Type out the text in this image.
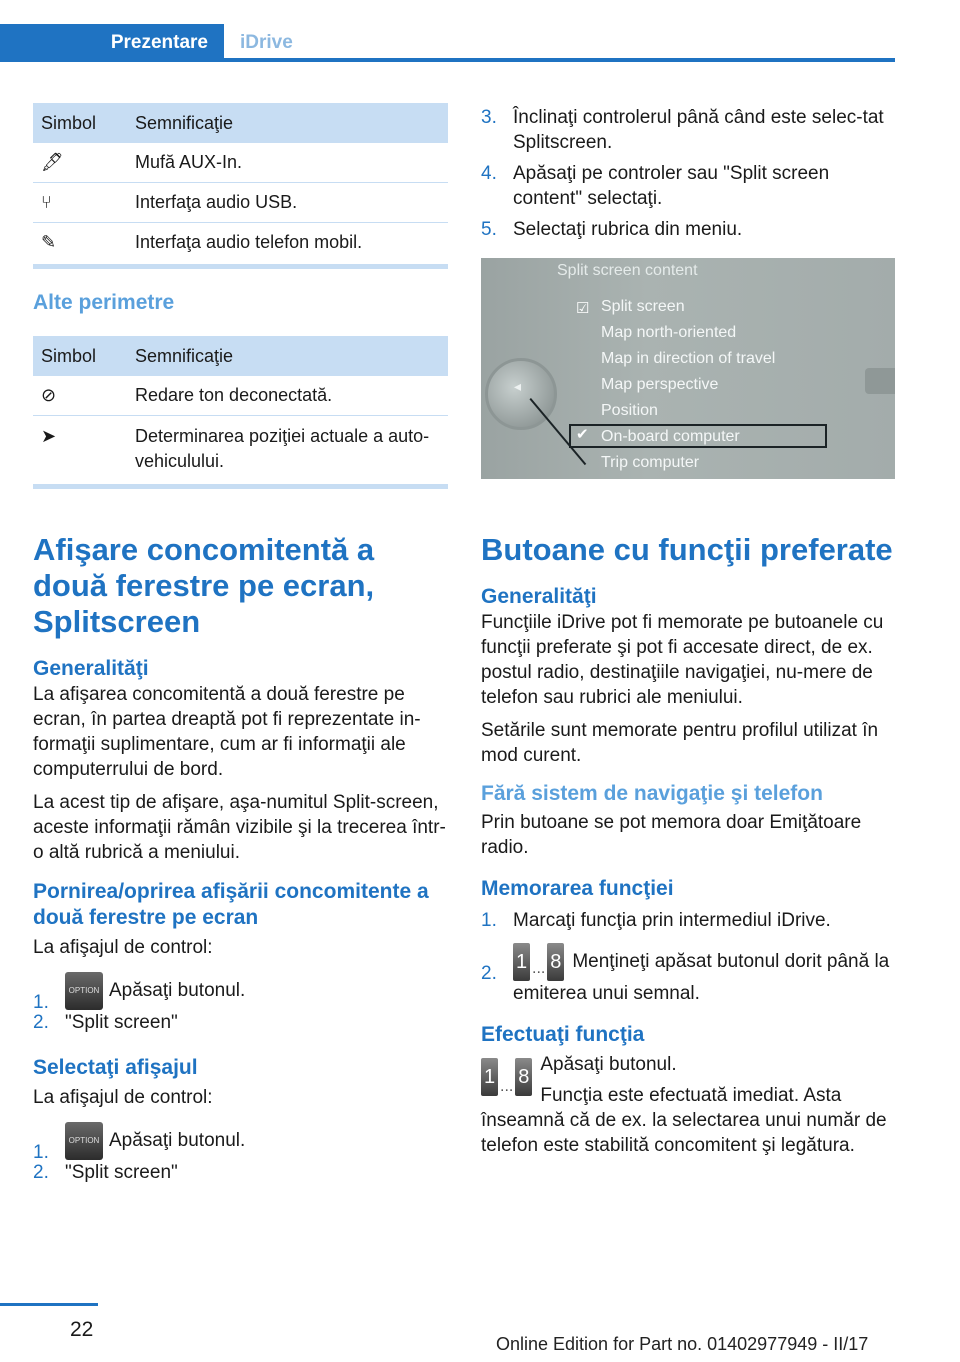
Prezentare	iDrive
Simbol	Semnificaţie
🖋	Mufă AUX-In.
⑂	Interfaţa audio USB.
✎	Interfaţa audio telefon mobil.
Alte perimetre
Simbol	Semnificaţie
⊘	Redare ton deconectată.
➤	Determinarea poziţiei actuale a auto-
vehiculului.
Afişare concomitentă a două ferestre pe ecran, Splitscreen
Generalităţi

La afişarea concomitentă a două ferestre pe ecran, în partea dreaptă pot fi reprezentate in-formaţii suplimentare, cum ar fi informaţii ale computerrului de bord.

La acest tip de afişare, aşa-numitul Split-screen, aceste informaţii rămân vizibile şi la trecerea într-o altă rubrică a meniului.

Pornirea/oprirea afişării concomitente a două ferestre pe ecran

La afişajul de control:

1.
OPTION Apăsaţi butonul.
2. "Split screen"
Selectaţi afişajul

La afişajul de control:

1.
OPTION Apăsaţi butonul.
2. "Split screen"
3. Înclinaţi controlerul până când este selec-tat Splitscreen.
4. Apăsaţi pe controler sau "Split screen content" selectaţi.
5. Selectaţi rubrica din meniu.
Split screen content
☑ Split screen
Map north-oriented
Map in direction of travel
Map perspective
Position
On-board computer
Trip computer
✔
◂
Butoane cu funcţii preferate
Generalităţi

Funcţiile iDrive pot fi memorate pe butoanele cu funcţii preferate şi pot fi accesate direct, de ex. postul radio, destinaţiile navigaţiei, nu-mere de telefon sau rubrici ale meniului.

Setările sunt memorate pentru profilul utilizat în mod curent.

Fără sistem de navigaţie şi telefon

Prin butoane se pot memora doar Emiţătoare radio.

Memorarea funcţiei
1. Marcaţi funcţia prin intermediul iDrive.
2.
1 ... 8 Menţineţi apăsat butonul dorit până la emiterea unui semnal.
Efectuaţi funcţia
1 ... 8

Apăsaţi butonul.

Funcţia este efectuată imediat. Asta înseamnă că de ex. la selectarea unui număr de telefon este stabilită concomitent şi legătura.

22
Online Edition for Part no. 01402977949 - II/17
